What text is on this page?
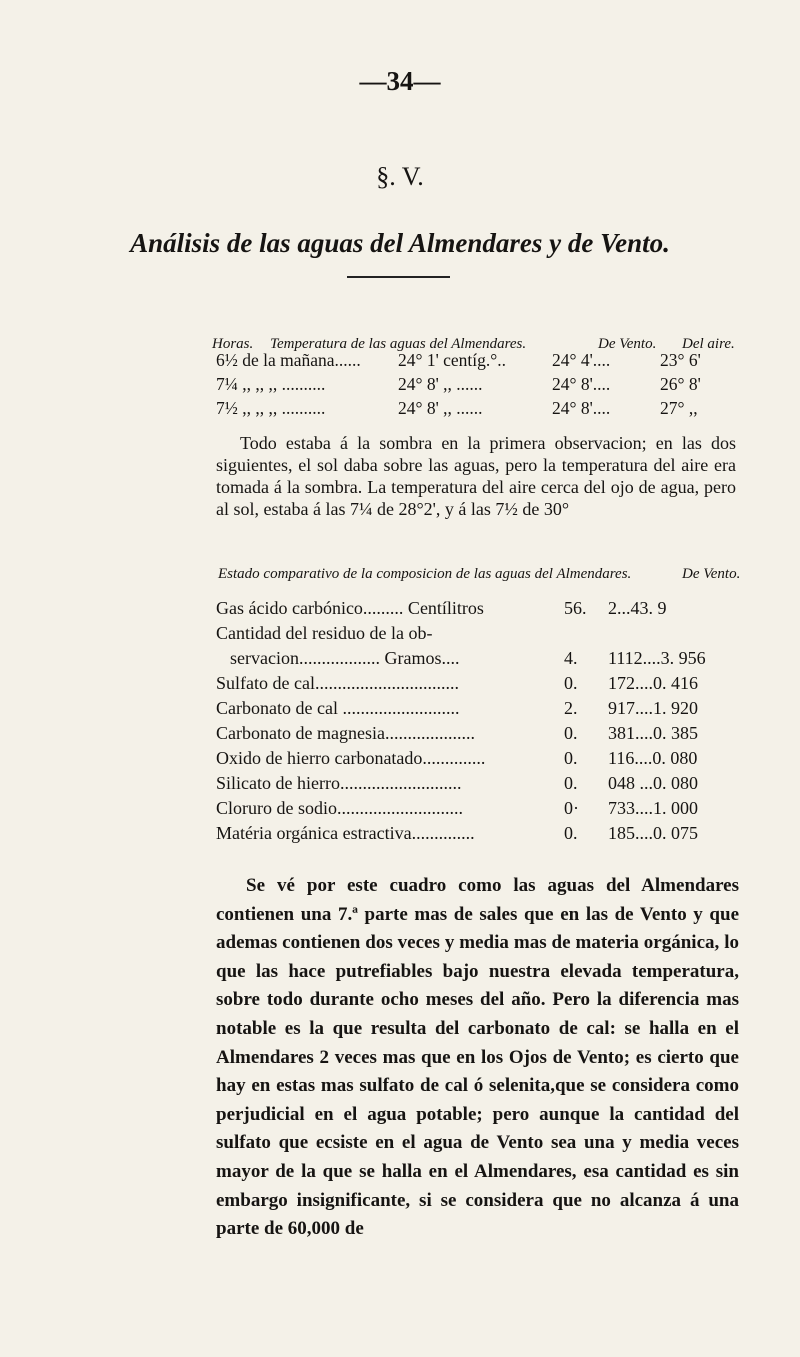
—34—
§. V.
Análisis de las aguas del Almendares y de Vento.
Horas. Temperatura de las aguas del Almendares.	De Vento. Del aire.
6½ de la mañana...... 24° 1' centíg.°..	24° 4'....	23° 6'
7¼ ,, ,, ,, ..........	24° 8' ,, ......	24° 8'....	26° 8'
7½ ,, ,, ,, ..........	24° 8' ,, ......	24° 8'....	27° ,,

Todo estaba á la sombra en la primera observacion; en las dos siguientes, el sol daba sobre las aguas, pero la temperatura del aire era tomada á la sombra. La temperatura del aire cerca del ojo de agua, pero al sol, estaba á las 7¼ de 28°2', y á las 7½ de 30°

Estado comparativo de la composicion de las aguas del Almendares.	De Vento.
Gas ácido carbónico......... Centílitros	56. 2...43. 9
Cantidad del residuo de la ob-
servacion.................. Gramos....	4. 1112....3. 956
Sulfato de cal................................	0. 172....0. 416
Carbonato de cal ..........................	2. 917....1. 920
Carbonato de magnesia....................	0. 381....0. 385
Oxido de hierro carbonatado..............	0. 116....0. 080
Silicato de hierro...........................	0. 048 ...0. 080
Cloruro de sodio............................	0· 733....1. 000
Matéria orgánica estractiva..............	0. 185....0. 075

Se vé por este cuadro como las aguas del Almendares contienen una 7.ª parte mas de sales que en las de Vento y que ademas contienen dos veces y media mas de materia orgánica, lo que las hace putrefiables bajo nuestra elevada temperatura, sobre todo durante ocho meses del año. Pero la diferencia mas notable es la que resulta del carbonato de cal: se halla en el Almendares 2 veces mas que en los Ojos de Vento; es cierto que hay en estas mas sulfato de cal ó selenita,que se considera como perjudicial en el agua potable; pero aunque la cantidad del sulfato que ecsiste en el agua de Vento sea una y media veces mayor de la que se halla en el Almendares, esa cantidad es sin embargo insignificante, si se considera que no alcanza á una parte de 60,000 de
